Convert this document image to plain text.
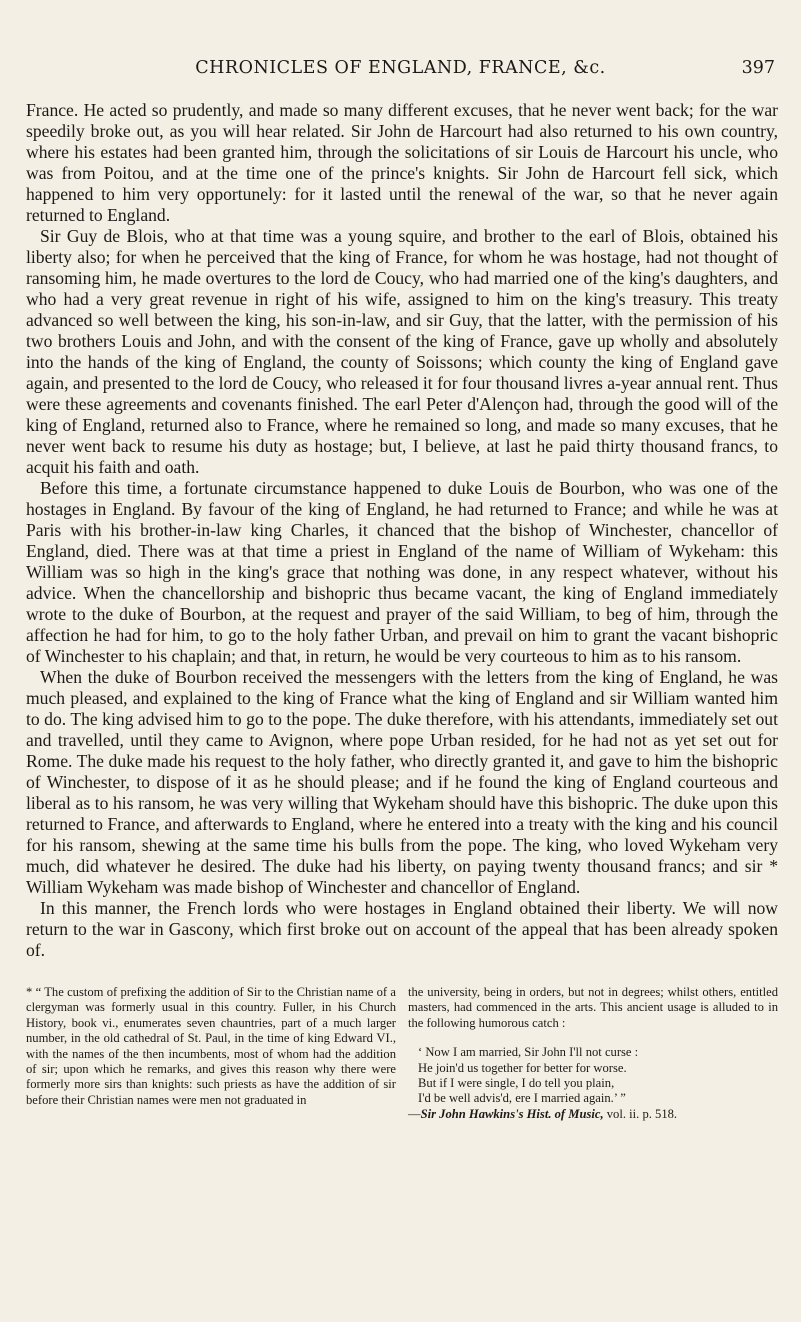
CHRONICLES OF ENGLAND, FRANCE, &c.	397

France. He acted so prudently, and made so many different excuses, that he never went back; for the war speedily broke out, as you will hear related. Sir John de Harcourt had also returned to his own country, where his estates had been granted him, through the solicitations of sir Louis de Harcourt his uncle, who was from Poitou, and at the time one of the prince's knights. Sir John de Harcourt fell sick, which happened to him very opportunely: for it lasted until the renewal of the war, so that he never again returned to England.

Sir Guy de Blois, who at that time was a young squire, and brother to the earl of Blois, obtained his liberty also; for when he perceived that the king of France, for whom he was hostage, had not thought of ransoming him, he made overtures to the lord de Coucy, who had married one of the king's daughters, and who had a very great revenue in right of his wife, assigned to him on the king's treasury. This treaty advanced so well between the king, his son-in-law, and sir Guy, that the latter, with the permission of his two brothers Louis and John, and with the consent of the king of France, gave up wholly and absolutely into the hands of the king of England, the county of Soissons; which county the king of England gave again, and presented to the lord de Coucy, who released it for four thousand livres a-year annual rent. Thus were these agreements and covenants finished. The earl Peter d'Alençon had, through the good will of the king of England, returned also to France, where he remained so long, and made so many excuses, that he never went back to resume his duty as hostage; but, I believe, at last he paid thirty thousand francs, to acquit his faith and oath.

Before this time, a fortunate circumstance happened to duke Louis de Bourbon, who was one of the hostages in England. By favour of the king of England, he had returned to France; and while he was at Paris with his brother-in-law king Charles, it chanced that the bishop of Winchester, chancellor of England, died. There was at that time a priest in England of the name of William of Wykeham: this William was so high in the king's grace that nothing was done, in any respect whatever, without his advice. When the chancellorship and bishopric thus became vacant, the king of England immediately wrote to the duke of Bourbon, at the request and prayer of the said William, to beg of him, through the affection he had for him, to go to the holy father Urban, and prevail on him to grant the vacant bishopric of Winchester to his chaplain; and that, in return, he would be very courteous to him as to his ransom.

When the duke of Bourbon received the messengers with the letters from the king of England, he was much pleased, and explained to the king of France what the king of England and sir William wanted him to do. The king advised him to go to the pope. The duke therefore, with his attendants, immediately set out and travelled, until they came to Avignon, where pope Urban resided, for he had not as yet set out for Rome. The duke made his request to the holy father, who directly granted it, and gave to him the bishopric of Winchester, to dispose of it as he should please; and if he found the king of England courteous and liberal as to his ransom, he was very willing that Wykeham should have this bishopric. The duke upon this returned to France, and afterwards to England, where he entered into a treaty with the king and his council for his ransom, shewing at the same time his bulls from the pope. The king, who loved Wykeham very much, did whatever he desired. The duke had his liberty, on paying twenty thousand francs; and sir * William Wykeham was made bishop of Winchester and chancellor of England.

In this manner, the French lords who were hostages in England obtained their liberty. We will now return to the war in Gascony, which first broke out on account of the appeal that has been already spoken of.

* “ The custom of prefixing the addition of Sir to the Christian name of a clergyman was formerly usual in this country. Fuller, in his Church History, book vi., enumerates seven chauntries, part of a much larger number, in the old cathedral of St. Paul, in the time of king Edward VI., with the names of the then incumbents, most of whom had the addition of sir; upon which he remarks, and gives this reason why there were formerly more sirs than knights: such priests as have the addition of sir before their Christian names were men not graduated in

the university, being in orders, but not in degrees; whilst others, entitled masters, had commenced in the arts. This ancient usage is alluded to in the following humorous catch :

‘ Now I am married, Sir John I'll not curse :
He join'd us together for better for worse.
But if I were single, I do tell you plain,
I'd be well advis'd, ere I married again.’ ”

—Sir John Hawkins's Hist. of Music, vol. ii. p. 518.
